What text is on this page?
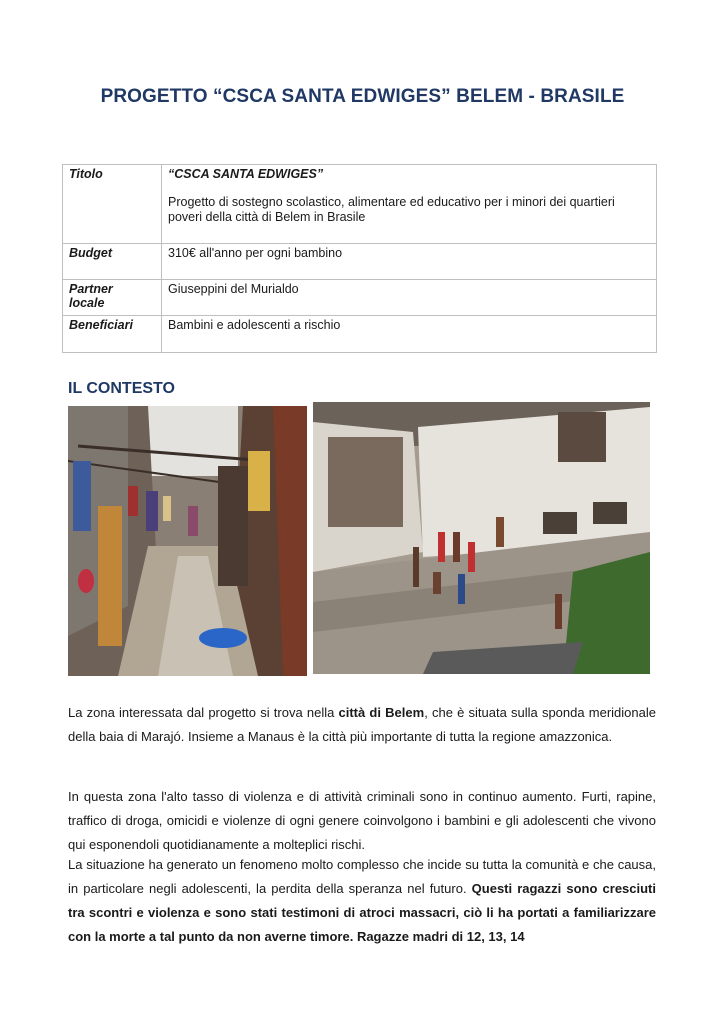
PROGETTO “CSCA SANTA EDWIGES” BELEM - BRASILE
Titolo	“CSCA SANTA EDWIGES”

Progetto di sostegno scolastico, alimentare ed educativo per i minori dei quartieri poveri della città di Belem in Brasile

Budget	310€ all'anno per ogni bambino
Partner
locale	Giuseppini del Murialdo
Beneficiari	Bambini e adolescenti a rischio
IL CONTESTO

La zona interessata dal progetto si trova nella città di Belem, che è situata sulla sponda meridionale della baia di Marajó. Insieme a Manaus è la città più importante di tutta la regione amazzonica.

In questa zona l'alto tasso di violenza e di attività criminali sono in continuo aumento. Furti, rapine, traffico di droga, omicidi e violenze di ogni genere coinvolgono i bambini e gli adolescenti che vivono qui esponendoli quotidianamente a molteplici rischi.

La situazione ha generato un fenomeno molto complesso che incide su tutta la comunità e che causa, in particolare negli adolescenti, la perdita della speranza nel futuro. Questi ragazzi sono cresciuti tra scontri e violenza e sono stati testimoni di atroci massacri, ciò li ha portati a familiarizzare con la morte a tal punto da non averne timore. Ragazze madri di 12, 13, 14
